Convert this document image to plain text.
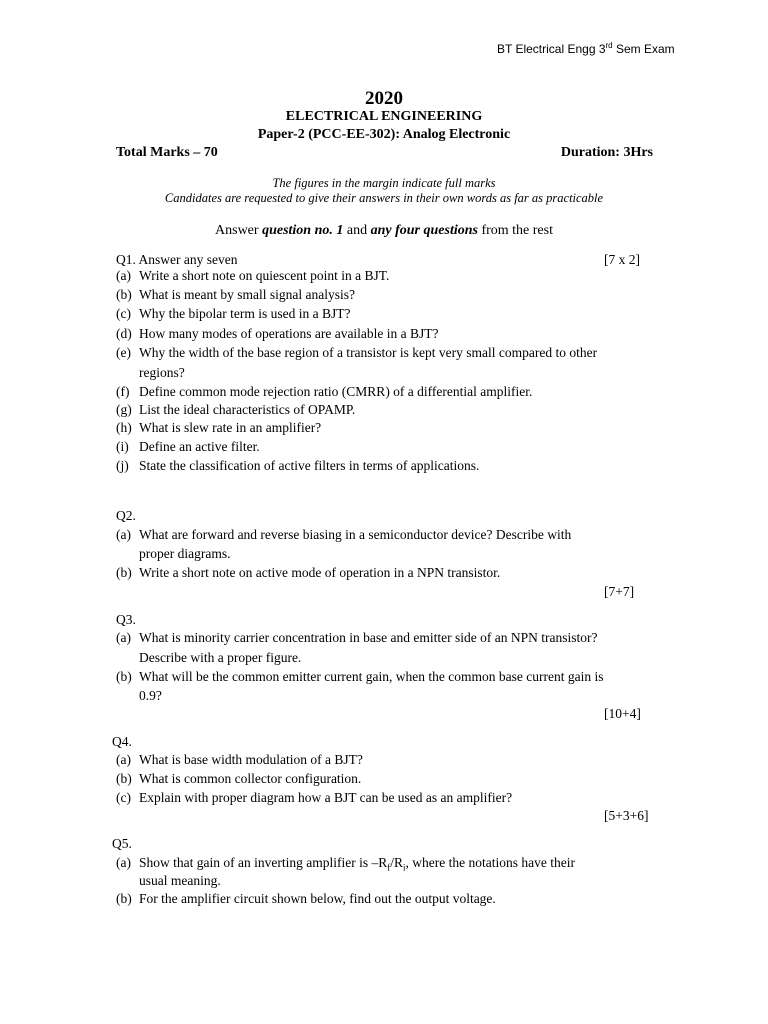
BT Electrical Engg 3rd Sem Exam
2020
ELECTRICAL ENGINEERING
Paper-2 (PCC-EE-302): Analog Electronic
Total Marks – 70	Duration: 3Hrs
The figures in the margin indicate full marks
Candidates are requested to give their answers in their own words as far as practicable
Answer question no. 1 and any four questions from the rest
Q1. Answer any seven	[7 x 2]
(a) Write a short note on quiescent point in a BJT.
(b) What is meant by small signal analysis?
(c) Why the bipolar term is used in a BJT?
(d) How many modes of operations are available in a BJT?
(e) Why the width of the base region of a transistor is kept very small compared to other
regions?
(f) Define common mode rejection ratio (CMRR) of a differential amplifier.
(g) List the ideal characteristics of OPAMP.
(h) What is slew rate in an amplifier?
(i) Define an active filter.
(j) State the classification of active filters in terms of applications.
Q2.
(a) What are forward and reverse biasing in a semiconductor device? Describe with
proper diagrams.
(b) Write a short note on active mode of operation in a NPN transistor.
[7+7]
Q3.
(a) What is minority carrier concentration in base and emitter side of an NPN transistor?
Describe with a proper figure.
(b) What will be the common emitter current gain, when the common base current gain is
0.9?
[10+4]
Q4.
(a) What is base width modulation of a BJT?
(b) What is common collector configuration.
(c) Explain with proper diagram how a BJT can be used as an amplifier?
[5+3+6]
Q5.
(a) Show that gain of an inverting amplifier is $-R_f/R_i$, where the notations have their
usual meaning.
(b) For the amplifier circuit shown below, find out the output voltage.
